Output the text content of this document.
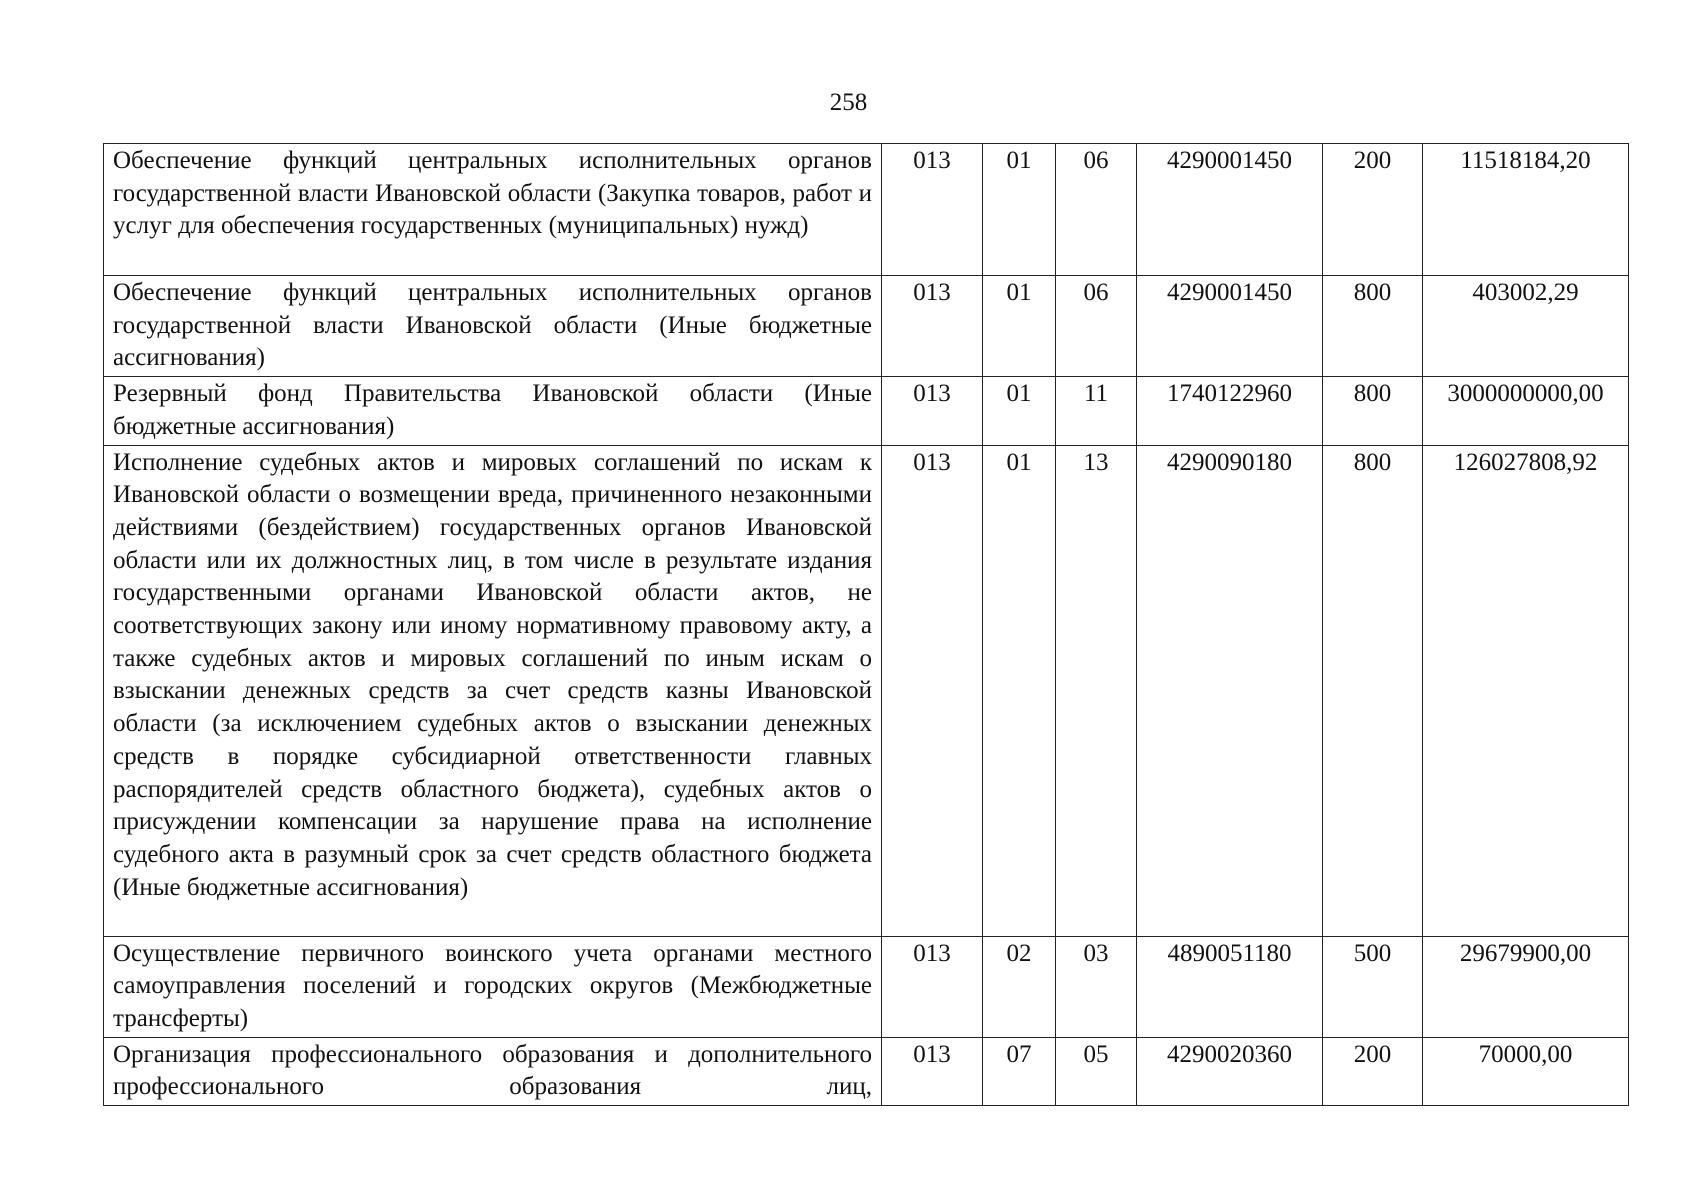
258
Обеспечение функций центральных исполнительных органов государственной власти Ивановской области (Закупка товаров, работ и услуг для обеспечения государственных (муниципальных) нужд)	013	01	06	4290001450	200	11518184,20
Обеспечение функций центральных исполнительных органов государственной власти Ивановской области (Иные бюджетные ассигнования)	013	01	06	4290001450	800	403002,29
Резервный фонд Правительства Ивановской области (Иные бюджетные ассигнования)	013	01	11	1740122960	800	3000000000,00
Исполнение судебных актов и мировых соглашений по искам к Ивановской области о возмещении вреда, причиненного незаконными действиями (бездействием) государственных органов Ивановской области или их должностных лиц, в том числе в результате издания государственными органами Ивановской области актов, не соответствующих закону или иному нормативному правовому акту, а также судебных актов и мировых соглашений по иным искам о взыскании денежных средств за счет средств казны Ивановской области (за исключением судебных актов о взыскании денежных средств в порядке субсидиарной ответственности главных распорядителей средств областного бюджета), судебных актов о присуждении компенсации за нарушение права на исполнение судебного акта в разумный срок за счет средств областного бюджета (Иные бюджетные ассигнования)	013	01	13	4290090180	800	126027808,92
Осуществление первичного воинского учета органами местного самоуправления поселений и городских округов (Межбюджетные трансферты)	013	02	03	4890051180	500	29679900,00
Организация профессионального образования и дополнительного профессионального образования лиц,	013	07	05	4290020360	200	70000,00
